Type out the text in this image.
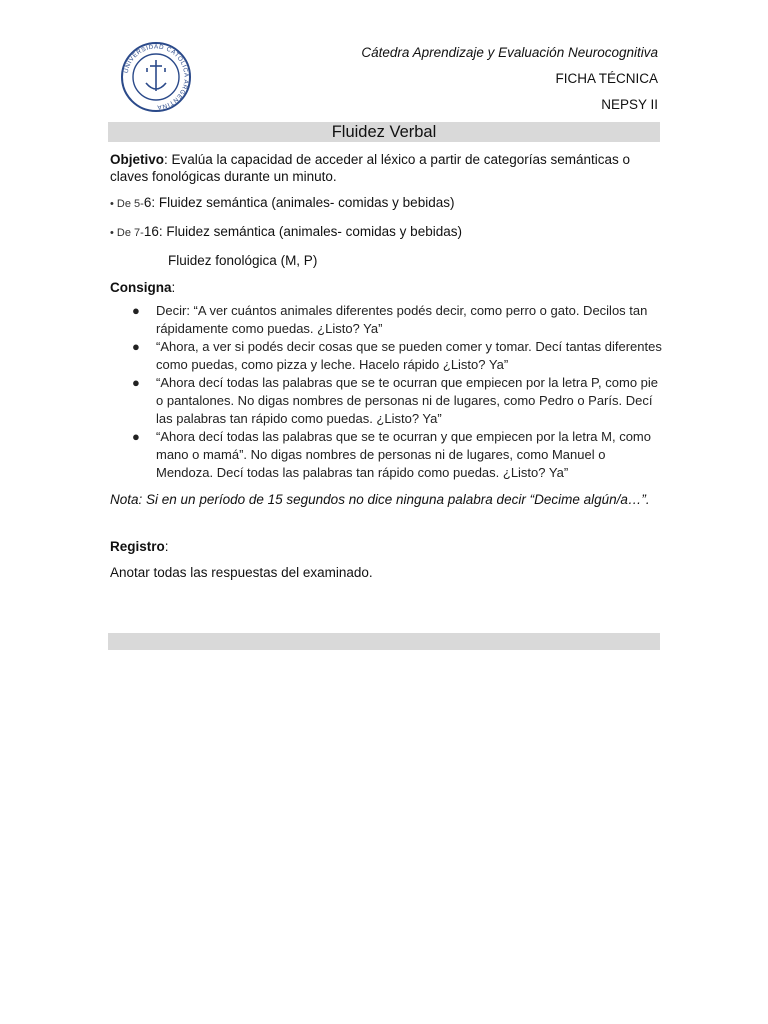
UNIVERSIDAD CATOLICA ARGENTINA
Cátedra Aprendizaje y Evaluación Neurocognitiva
FICHA TÉCNICA
NEPSY II
Fluidez Verbal

Objetivo: Evalúa la capacidad de acceder al léxico a partir de categorías semánticas o claves fonológicas durante un minuto.

• De 5-6: Fluidez semántica (animales- comidas y bebidas)

• De 7-16: Fluidez semántica (animales- comidas y bebidas)

Fluidez fonológica (M, P)

Consigna:

● Decir: “A ver cuántos animales diferentes podés decir, como perro o gato. Decilos tan rápidamente como puedas. ¿Listo? Ya”
● “Ahora, a ver si podés decir cosas que se pueden comer y tomar. Decí tantas diferentes como puedas, como pizza y leche. Hacelo rápido ¿Listo? Ya”
● “Ahora decí todas las palabras que se te ocurran que empiecen por la letra P, como pie o pantalones. No digas nombres de personas ni de lugares, como Pedro o París. Decí las palabras tan rápido como puedas. ¿Listo? Ya”
● “Ahora decí todas las palabras que se te ocurran y que empiecen por la letra M, como mano o mamá”. No digas nombres de personas ni de lugares, como Manuel o Mendoza. Decí todas las palabras tan rápido como puedas. ¿Listo? Ya”

Nota: Si en un período de 15 segundos no dice ninguna palabra decir “Decime algún/a…”.

Registro:

Anotar todas las respuestas del examinado.
